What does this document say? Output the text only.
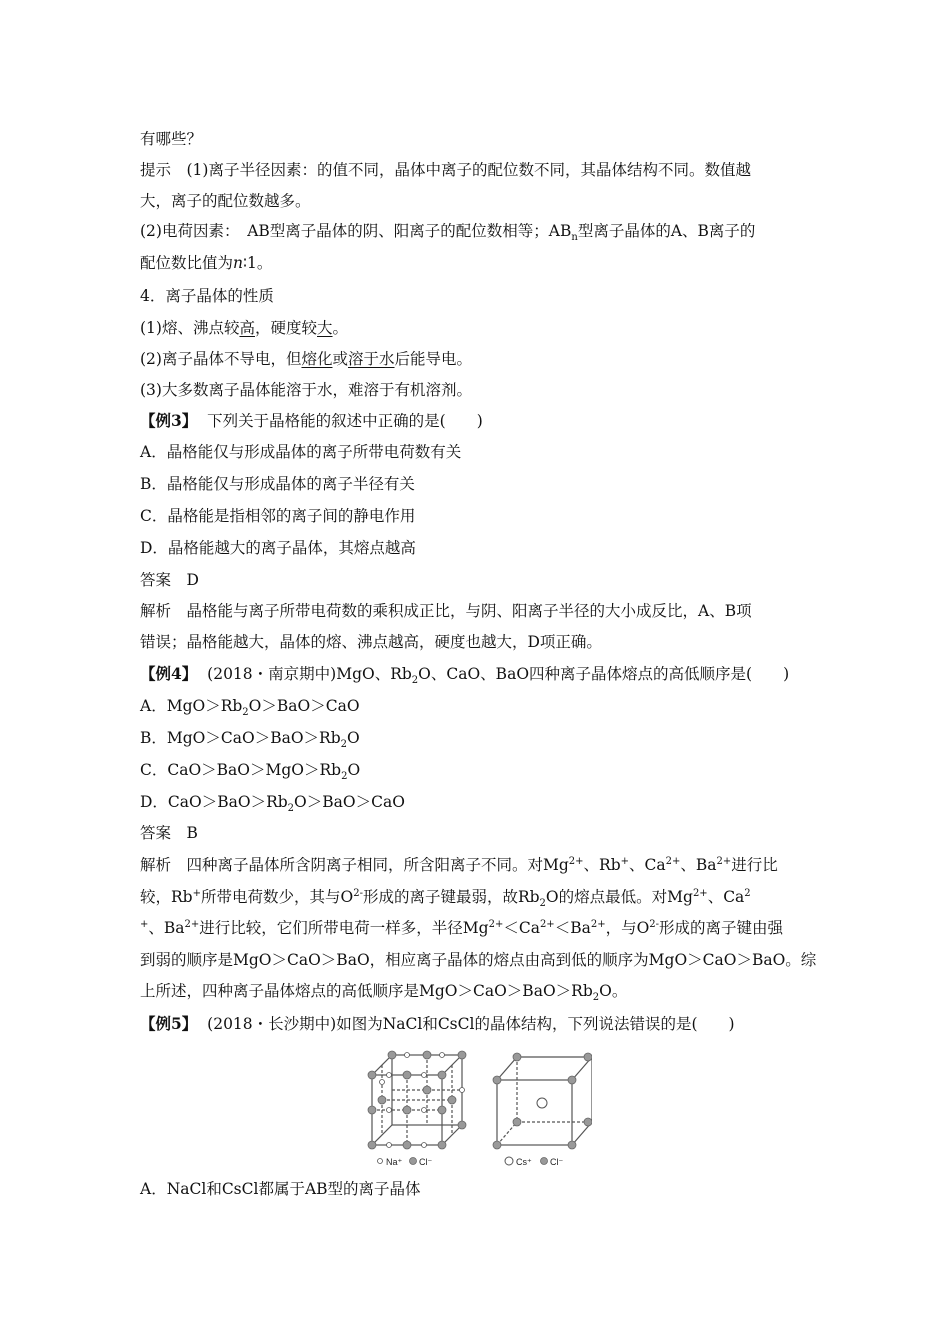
有哪些？
提示　(1)离子半径因素：的值不同，晶体中离子的配位数不同，其晶体结构不同。数值越
大，离子的配位数越多。
(2)电荷因素：　AB型离子晶体的阴、阳离子的配位数相等；$AB_n$型离子晶体的A、B离子的
配位数比值为n∶1。
4．离子晶体的性质
(1)熔、沸点较高，硬度较大。
(2)离子晶体不导电，但熔化或溶于水后能导电。
(3)大多数离子晶体能溶于水，难溶于有机溶剂。
【例3】 下列关于晶格能的叙述中正确的是(　　)
A．晶格能仅与形成晶体的离子所带电荷数有关
B．晶格能仅与形成晶体的离子半径有关
C．晶格能是指相邻的离子间的静电作用
D．晶格能越大的离子晶体，其熔点越高
答案　D
解析　晶格能与离子所带电荷数的乘积成正比，与阴、阳离子半径的大小成反比，A、B项
错误；晶格能越大，晶体的熔、沸点越高，硬度也越大，D项正确。
【例4】 (2018・南京期中)MgO、$Rb_2O$、CaO、BaO四种离子晶体熔点的高低顺序是(　　)
A．$MgO>Rb_2O>BaO>CaO$
B．$MgO>CaO>BaO>Rb_2O$
C．$CaO>BaO>MgO>Rb_2O$
D．$CaO>BaO>Rb_2O>BaO>CaO$
答案　B
解析　四种离子晶体所含阴离子相同，所含阳离子不同。对$Mg^{2+}$、Rb+、$Ca^{2+}$、$Ba^{2+}$进行比
较，Rb+所带电荷数少，其与$O^{2-}$形成的离子键最弱，故$Rb_2O$的熔点最低。对$Mg^{2+}$、Ca$^2$
+、$Ba^{2+}$进行比较，它们所带电荷一样多，半径$Mg^{2+}<Ca^{2+}<Ba^{2+}$，与$O^{2-}$形成的离子键由强
到弱的顺序是MgO＞CaO＞BaO，相应离子晶体的熔点由高到低的顺序为MgO＞CaO＞BaO。综
上所述，四种离子晶体熔点的高低顺序是$MgO>CaO>BaO>Rb_2O$。
【例5】 (2018・长沙期中)如图为NaCl和CsCl的晶体结构，下列说法错误的是(　　)
Na⁺ Cl⁻	Cs⁺ Cl⁻
A．NaCl和CsCl都属于AB型的离子晶体
